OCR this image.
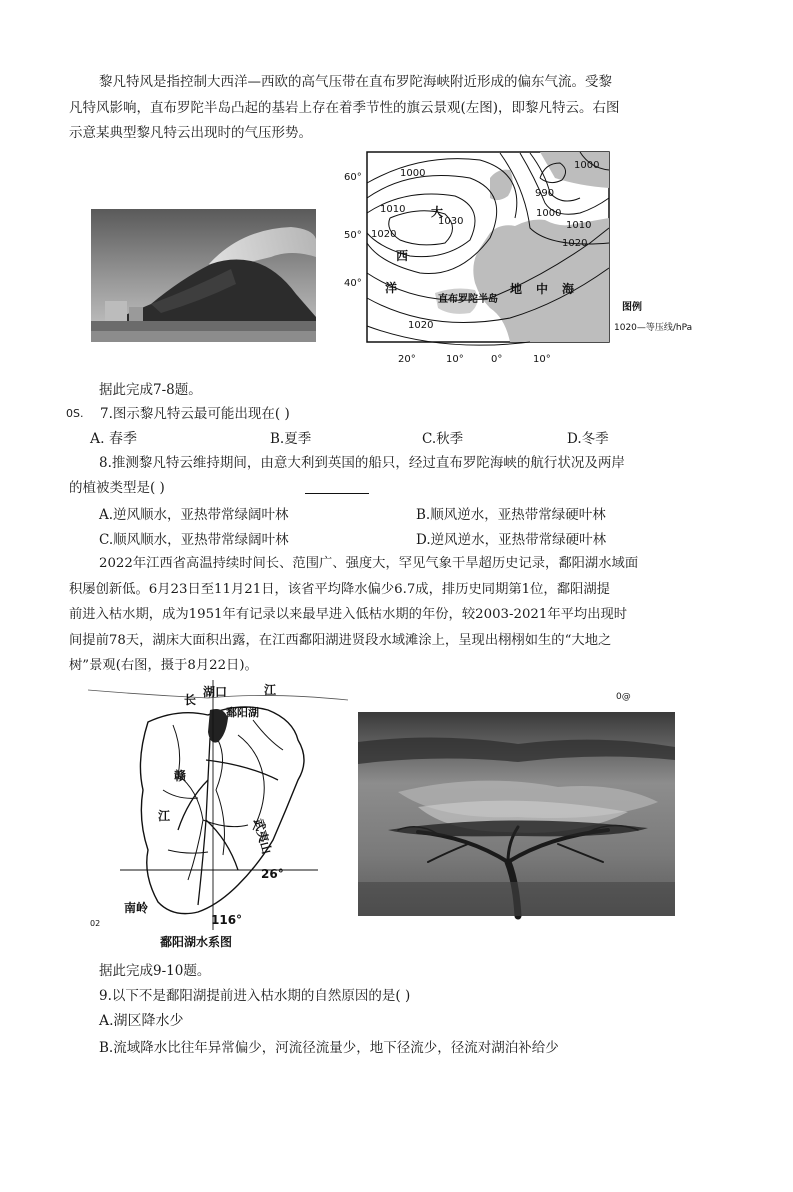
黎凡特风是指控制大西洋—西欧的高气压带在直布罗陀海峡附近形成的偏东气流。受黎
凡特风影响，直布罗陀半岛凸起的基岩上存在着季节性的旗云景观(左图)，即黎凡特云。右图
示意某典型黎凡特云出现时的气压形势。
60°
50°
40°
20°	10°	0°	10°
1000
1010
1020
1030
990
1000
1010
1020
1000
1020
大
西
洋	地 中 海
直布罗陀半岛
图例
1020—等压线/hPa
据此完成7-8题。
0S. 7.图示黎凡特云最可能出现在( )
A. 春季	B.夏季	C.秋季	D.冬季
8.推测黎凡特云维持期间，由意大利到英国的船只，经过直布罗陀海峡的航行状况及两岸
的植被类型是( )
A.逆风顺水，亚热带常绿阔叶林	B.顺风逆水，亚热带常绿硬叶林
C.顺风顺水，亚热带常绿阔叶林	D.逆风逆水，亚热带常绿硬叶林
2022年江西省高温持续时间长、范围广、强度大，罕见气象干旱超历史记录，鄱阳湖水域面
积屡创新低。6月23日至11月21日，该省平均降水偏少6.7成，排历史同期第1位，鄱阳湖提
前进入枯水期，成为1951年有记录以来最早进入低枯水期的年份，较2003-2021年平均出现时
间提前78天，湖床大面积出露，在江西鄱阳湖进贤段水域滩涂上，呈现出栩栩如生的“大地之
树”景观(右图，摄于8月22日)。
长
湖口	江
鄱阳湖
赣
江
武夷山
26°
南岭
116°
02
鄱阳湖水系图
0@
据此完成9-10题。
9.以下不是鄱阳湖提前进入枯水期的自然原因的是( )
A.湖区降水少
B.流域降水比往年异常偏少，河流径流量少，地下径流少，径流对湖泊补给少
